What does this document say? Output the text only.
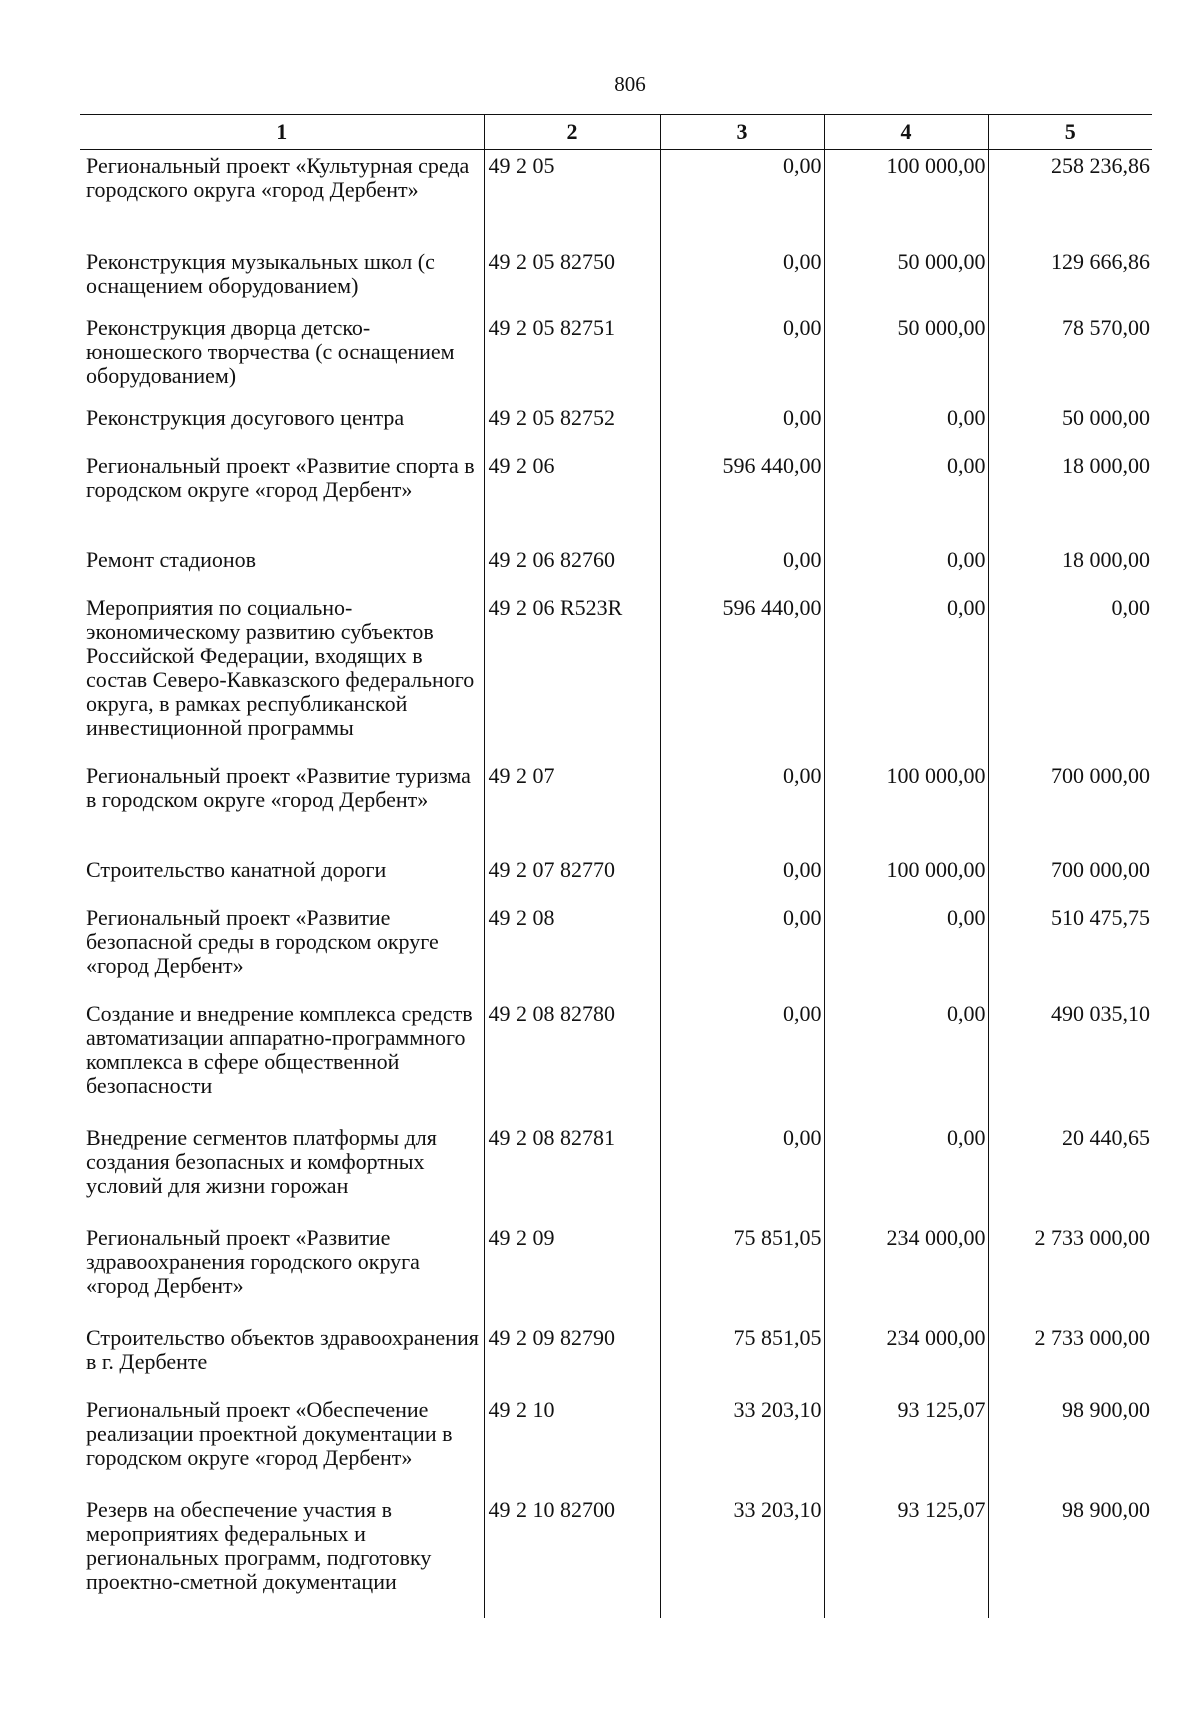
806
1	2	3	4	5
Региональный проект «Культурная среда городского округа «город Дербент»	49 2 05	0,00	100 000,00	258 236,86
Реконструкция музыкальных школ (с оснащением оборудованием)	49 2 05 82750	0,00	50 000,00	129 666,86
Реконструкция дворца детско-юношеского творчества (с оснащением оборудованием)	49 2 05 82751	0,00	50 000,00	78 570,00
Реконструкция досугового центра	49 2 05 82752	0,00	0,00	50 000,00
Региональный проект «Развитие спорта в городском округе «город Дербент»	49 2 06	596 440,00	0,00	18 000,00
Ремонт стадионов	49 2 06 82760	0,00	0,00	18 000,00
Мероприятия по социально-экономическому развитию субъектов Российской Федерации, входящих в состав Северо-Кавказского федерального округа, в рамках республиканской инвестиционной программы	49 2 06 R523R	596 440,00	0,00	0,00
Региональный проект «Развитие туризма в городском округе «город Дербент»	49 2 07	0,00	100 000,00	700 000,00
Строительство канатной дороги	49 2 07 82770	0,00	100 000,00	700 000,00
Региональный проект «Развитие безопасной среды в городском округе «город Дербент»	49 2 08	0,00	0,00	510 475,75
Создание и внедрение комплекса средств автоматизации аппаратно-программного комплекса в сфере общественной безопасности	49 2 08 82780	0,00	0,00	490 035,10
Внедрение сегментов платформы для создания безопасных и комфортных условий для жизни горожан	49 2 08 82781	0,00	0,00	20 440,65
Региональный проект «Развитие здравоохранения городского округа «город Дербент»	49 2 09	75 851,05	234 000,00	2 733 000,00
Строительство объектов здравоохранения в г. Дербенте	49 2 09 82790	75 851,05	234 000,00	2 733 000,00
Региональный проект «Обеспечение реализации проектной документации в городском округе «город Дербент»	49 2 10	33 203,10	93 125,07	98 900,00
Резерв на обеспечение участия в мероприятиях федеральных и региональных программ, подготовку проектно-сметной документации	49 2 10 82700	33 203,10	93 125,07	98 900,00
